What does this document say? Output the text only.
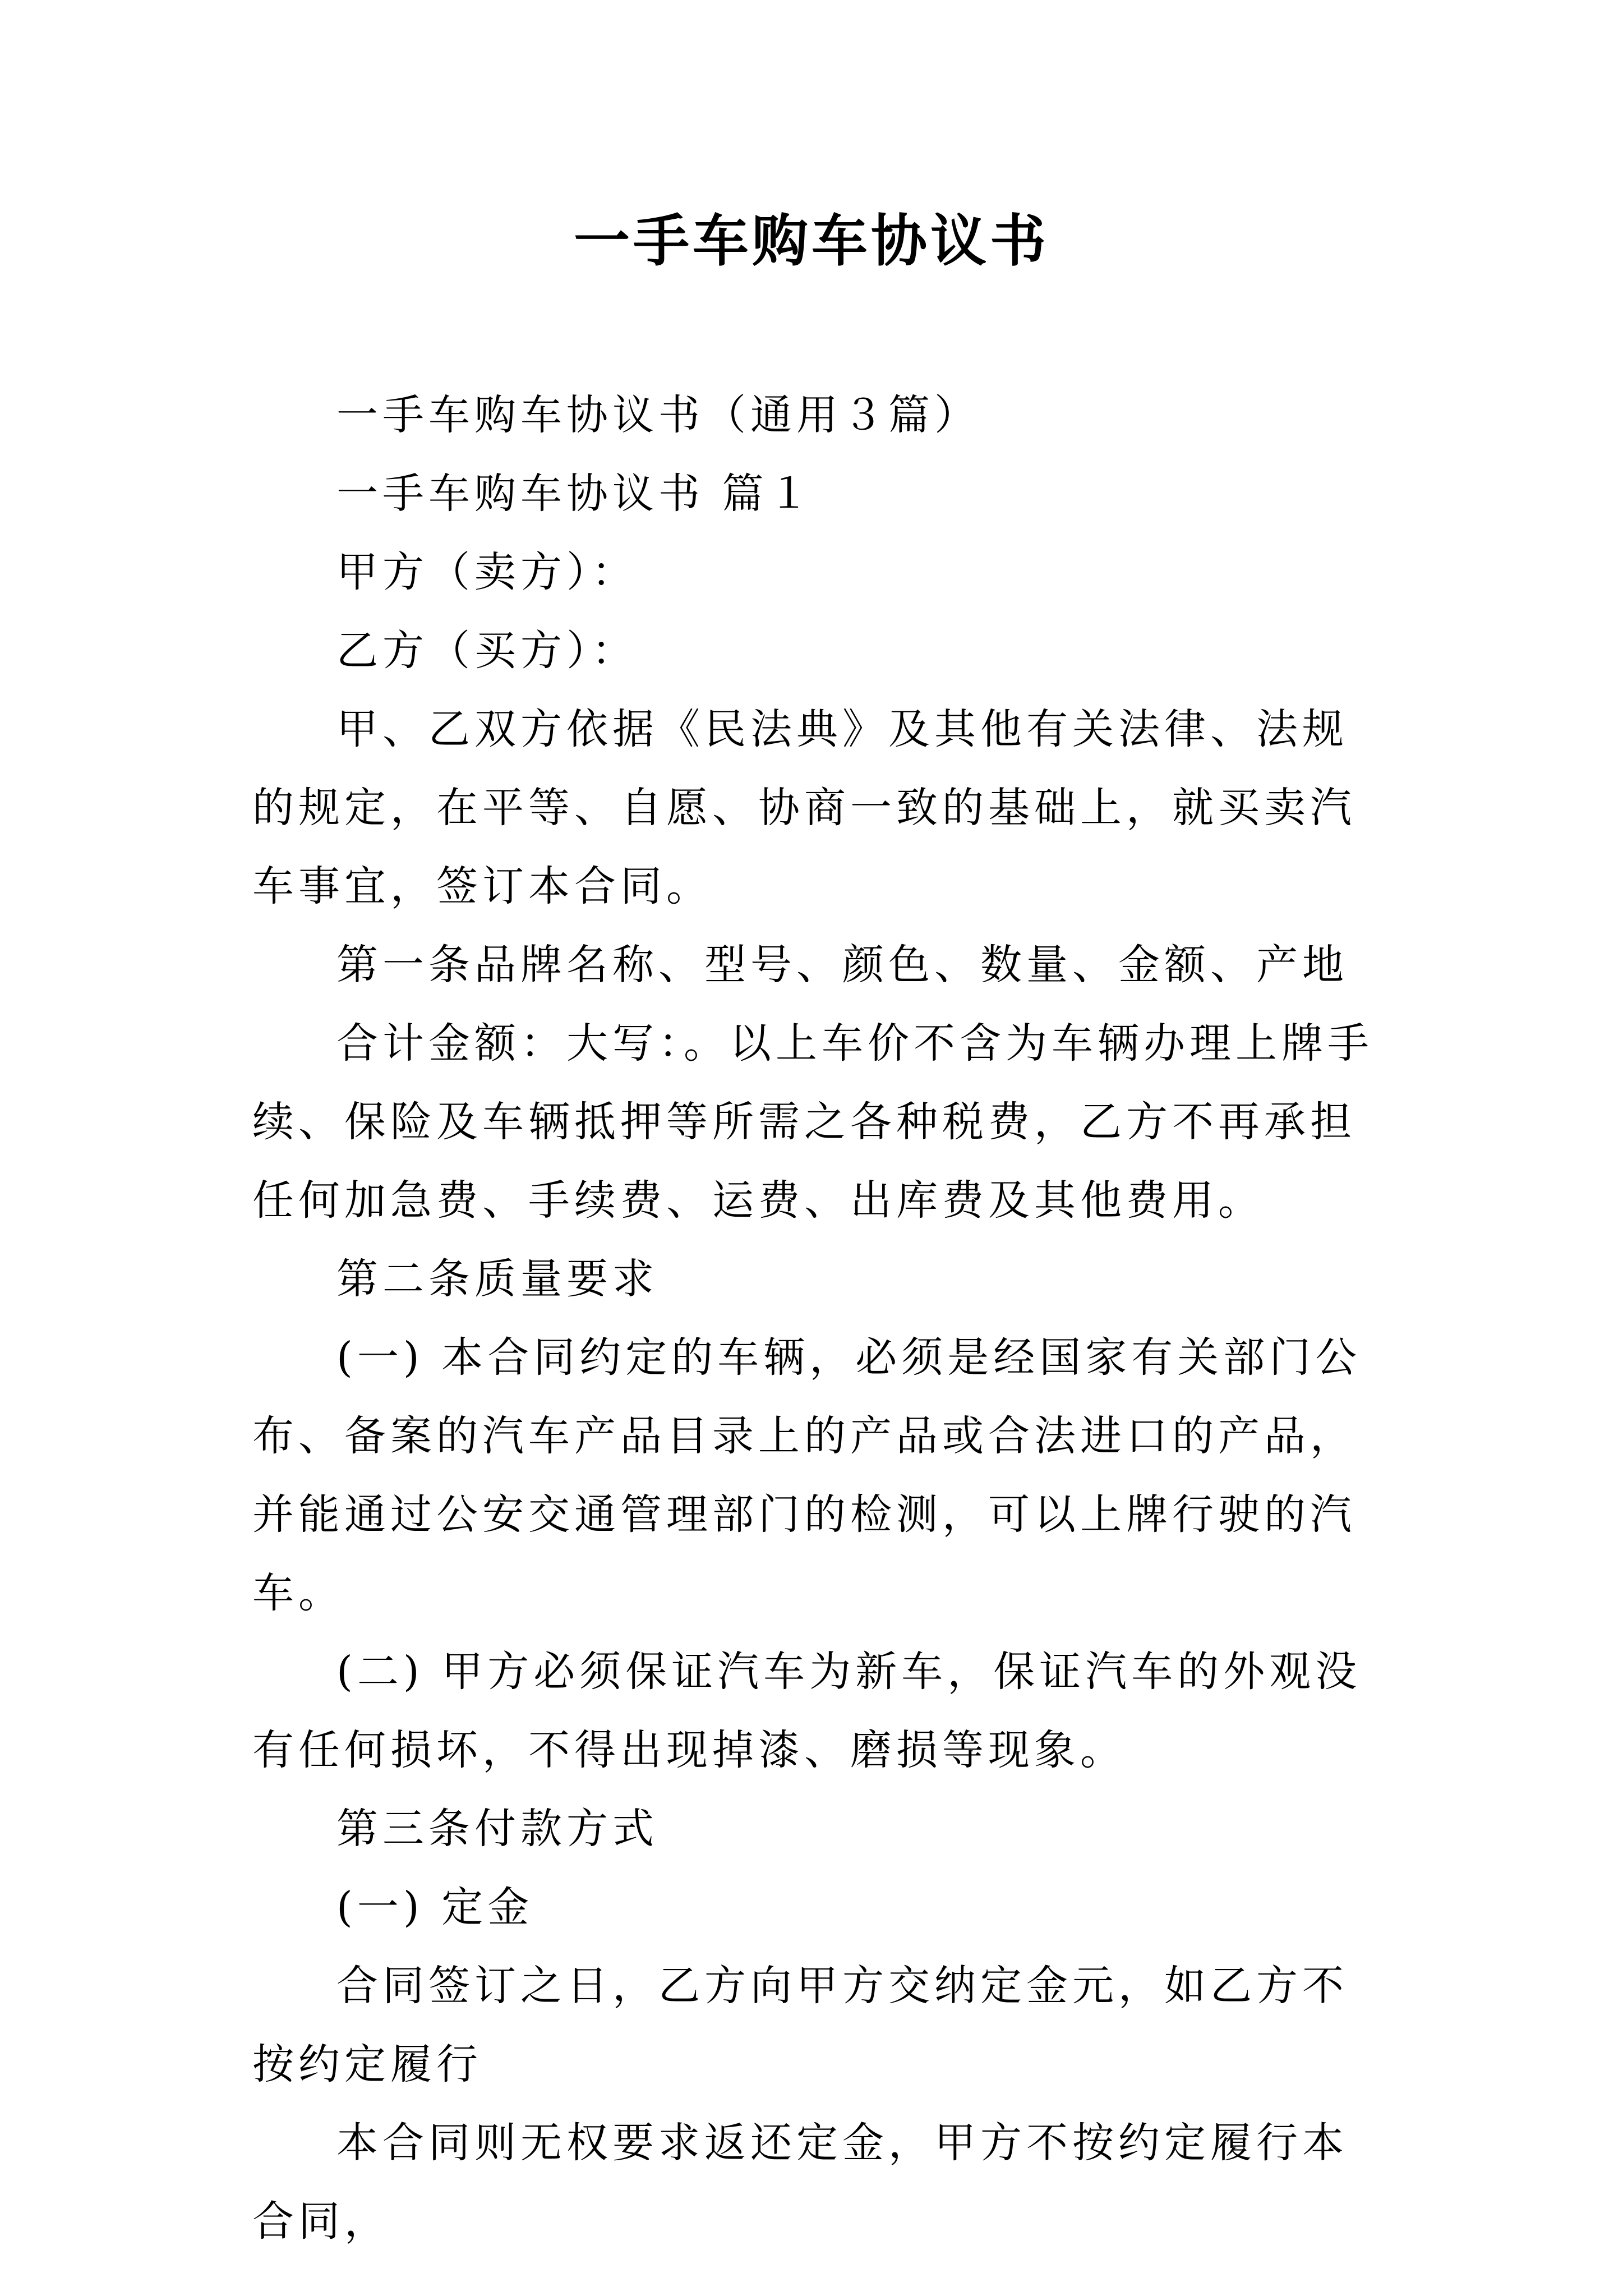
一手车购车协议书

一手车购车协议书（通用３篇）

一手车购车协议书 篇１

甲方（卖方）：

乙方（买方）：

甲、乙双方依据《民法典》及其他有关法律、法规的规定，在平等、自愿、协商一致的基础上，就买卖汽车事宜，签订本合同。

第一条品牌名称、型号、颜色、数量、金额、产地

合计金额：大写：。以上车价不含为车辆办理上牌手续、保险及车辆抵押等所需之各种税费，乙方不再承担任何加急费、手续费、运费、出库费及其他费用。

第二条质量要求

(一) 本合同约定的车辆，必须是经国家有关部门公布、备案的汽车产品目录上的产品或合法进口的产品，并能通过公安交通管理部门的检测，可以上牌行驶的汽车。

(二) 甲方必须保证汽车为新车，保证汽车的外观没有任何损坏，不得出现掉漆、磨损等现象。

第三条付款方式

(一) 定金

合同签订之日，乙方向甲方交纳定金元，如乙方不按约定履行

本合同则无权要求返还定金，甲方不按约定履行本合同，
